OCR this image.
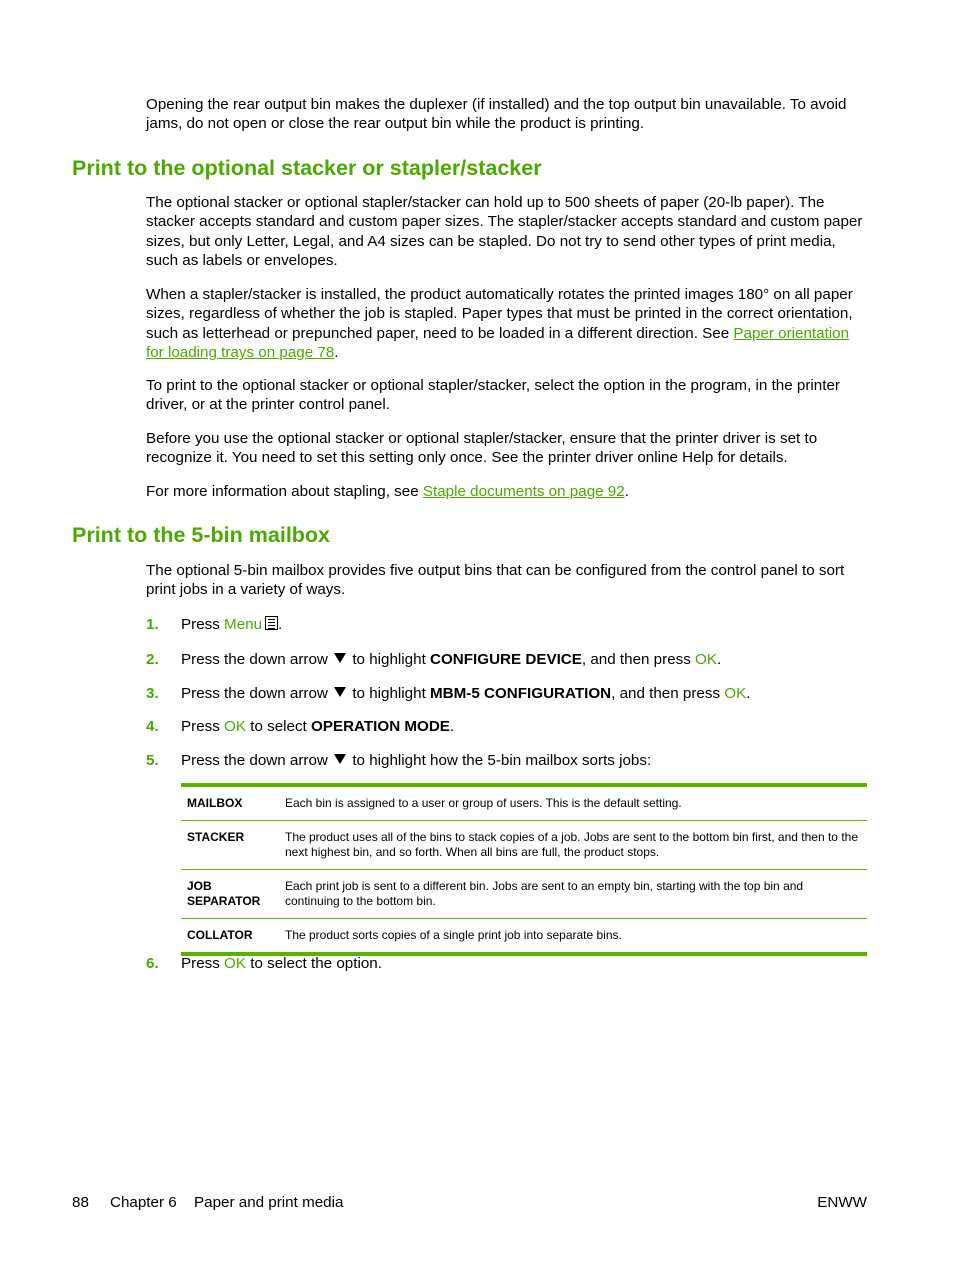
Opening the rear output bin makes the duplexer (if installed) and the top output bin unavailable. To avoid jams, do not open or close the rear output bin while the product is printing.

Print to the optional stacker or stapler/stacker

The optional stacker or optional stapler/stacker can hold up to 500 sheets of paper (20-lb paper). The stacker accepts standard and custom paper sizes. The stapler/stacker accepts standard and custom paper sizes, but only Letter, Legal, and A4 sizes can be stapled. Do not try to send other types of print media, such as labels or envelopes.

When a stapler/stacker is installed, the product automatically rotates the printed images 180° on all paper sizes, regardless of whether the job is stapled. Paper types that must be printed in the correct orientation, such as letterhead or prepunched paper, need to be loaded in a different direction. See Paper orientation for loading trays on page 78.

To print to the optional stacker or optional stapler/stacker, select the option in the program, in the printer driver, or at the printer control panel.

Before you use the optional stacker or optional stapler/stacker, ensure that the printer driver is set to recognize it. You need to set this setting only once. See the printer driver online Help for details.

For more information about stapling, see Staple documents on page 92.

Print to the 5-bin mailbox

The optional 5-bin mailbox provides five output bins that can be configured from the control panel to sort print jobs in a variety of ways.

1. Press Menu .
2. Press the down arrow  to highlight CONFIGURE DEVICE, and then press OK.
3. Press the down arrow  to highlight MBM-5 CONFIGURATION, and then press OK.
4. Press OK to select OPERATION MODE.
5. Press the down arrow  to highlight how the 5-bin mailbox sorts jobs:
MAILBOX	Each bin is assigned to a user or group of users. This is the default setting.
STACKER	The product uses all of the bins to stack copies of a job. Jobs are sent to the bottom bin first, and then to the next highest bin, and so forth. When all bins are full, the product stops.
JOB SEPARATOR	Each print job is sent to a different bin. Jobs are sent to an empty bin, starting with the top bin and continuing to the bottom bin.
COLLATOR	The product sorts copies of a single print job into separate bins.
6. Press OK to select the option.
88 Chapter 6 Paper and print media	ENWW
